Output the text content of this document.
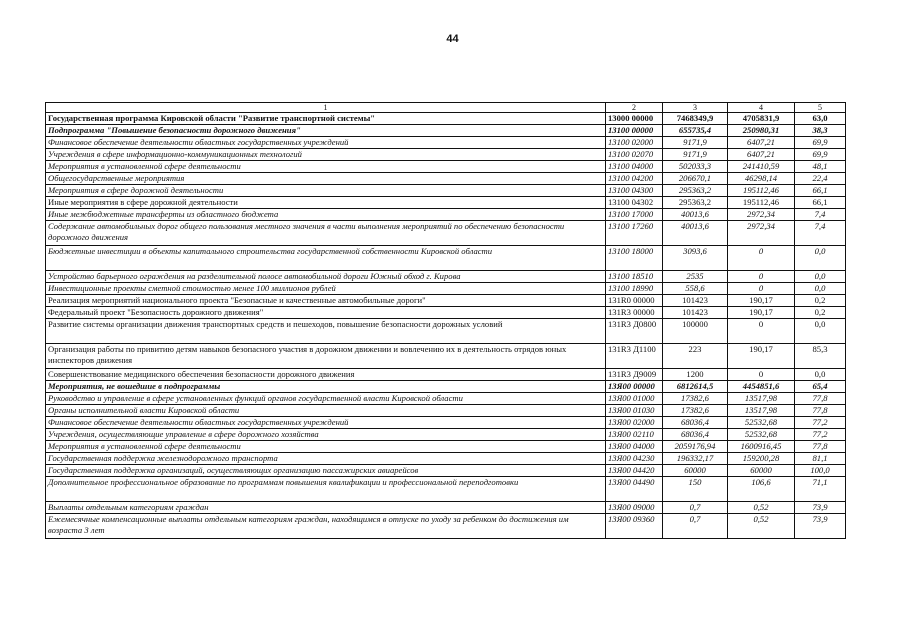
44
1	2	3	4	5
Государственная программа Кировской области "Развитие транспортной системы"	13000 00000	7468349,9	4705831,9	63,0
Подпрограмма "Повышение безопасности дорожного движения"	13100 00000	655735,4	250980,31	38,3
Финансовое обеспечение деятельности областных государственных учреждений	13100 02000	9171,9	6407,21	69,9
Учреждения в сфере информационно-коммуникационных технологий	13100 02070	9171,9	6407,21	69,9
Мероприятия в установленной сфере деятельности	13100 04000	502033,3	241410,59	48,1
Общегосударственные мероприятия	13100 04200	206670,1	46298,14	22,4
Мероприятия в сфере дорожной деятельности	13100 04300	295363,2	195112,46	66,1
Иные мероприятия в сфере дорожной деятельности	13100 04302	295363,2	195112,46	66,1
Иные межбюджетные трансферты из областного бюджета	13100 17000	40013,6	2972,34	7,4
Содержание автомобильных дорог общего пользования местного значения в части выполнения мероприятий по обеспечению безопасности дорожного движения	13100 17260	40013,6	2972,34	7,4
Бюджетные инвестиции в объекты капитального строительства государственной собственности Кировской области	13100 18000	3093,6	0	0,0
Устройство барьерного ограждения на разделительной полосе автомобильной дороги Южный обход г. Кирова	13100 18510	2535	0	0,0
Инвестиционные проекты сметной стоимостью менее 100 миллионов рублей	13100 18990	558,6	0	0,0
Реализация мероприятий национального проекта "Безопасные и качественные автомобильные дороги"	131R0 00000	101423	190,17	0,2
Федеральный проект "Безопасность дорожного движения"	131R3 00000	101423	190,17	0,2
Развитие системы организации движения транспортных средств и пешеходов, повышение безопасности дорожных условий	131R3 Д0800	100000	0	0,0
Организация работы по привитию детям навыков безопасного участия в дорожном движении и вовлечению их в деятельность отрядов юных инспекторов движения	131R3 Д1100	223	190,17	85,3
Совершенствование медицинского обеспечения безопасности дорожного движения	131R3 Д9009	1200	0	0,0
Мероприятия, не вошедшие в подпрограммы	13Я00 00000	6812614,5	4454851,6	65,4
Руководство и управление в сфере установленных функций органов государственной власти Кировской области	13Я00 01000	17382,6	13517,98	77,8
Органы исполнительной власти Кировской области	13Я00 01030	17382,6	13517,98	77,8
Финансовое обеспечение деятельности областных государственных учреждений	13Я00 02000	68036,4	52532,68	77,2
Учреждения, осуществляющие управление в сфере дорожного хозяйства	13Я00 02110	68036,4	52532,68	77,2
Мероприятия в установленной сфере деятельности	13Я00 04000	2059176,94	1600916,45	77,8
Государственная поддержка железнодорожного транспорта	13Я00 04230	196332,17	159200,28	81,1
Государственная поддержка организаций, осуществляющих организацию пассажирских авиарейсов	13Я00 04420	60000	60000	100,0
Дополнительное профессиональное образование по программам повышения квалификации и профессиональной переподготовки	13Я00 04490	150	106,6	71,1
Выплаты отдельным категориям граждан	13Я00 09000	0,7	0,52	73,9
Ежемесячные компенсационные выплаты отдельным категориям граждан, находящимся в отпуске по уходу за ребенком до достижения им возраста 3 лет	13Я00 09360	0,7	0,52	73,9
